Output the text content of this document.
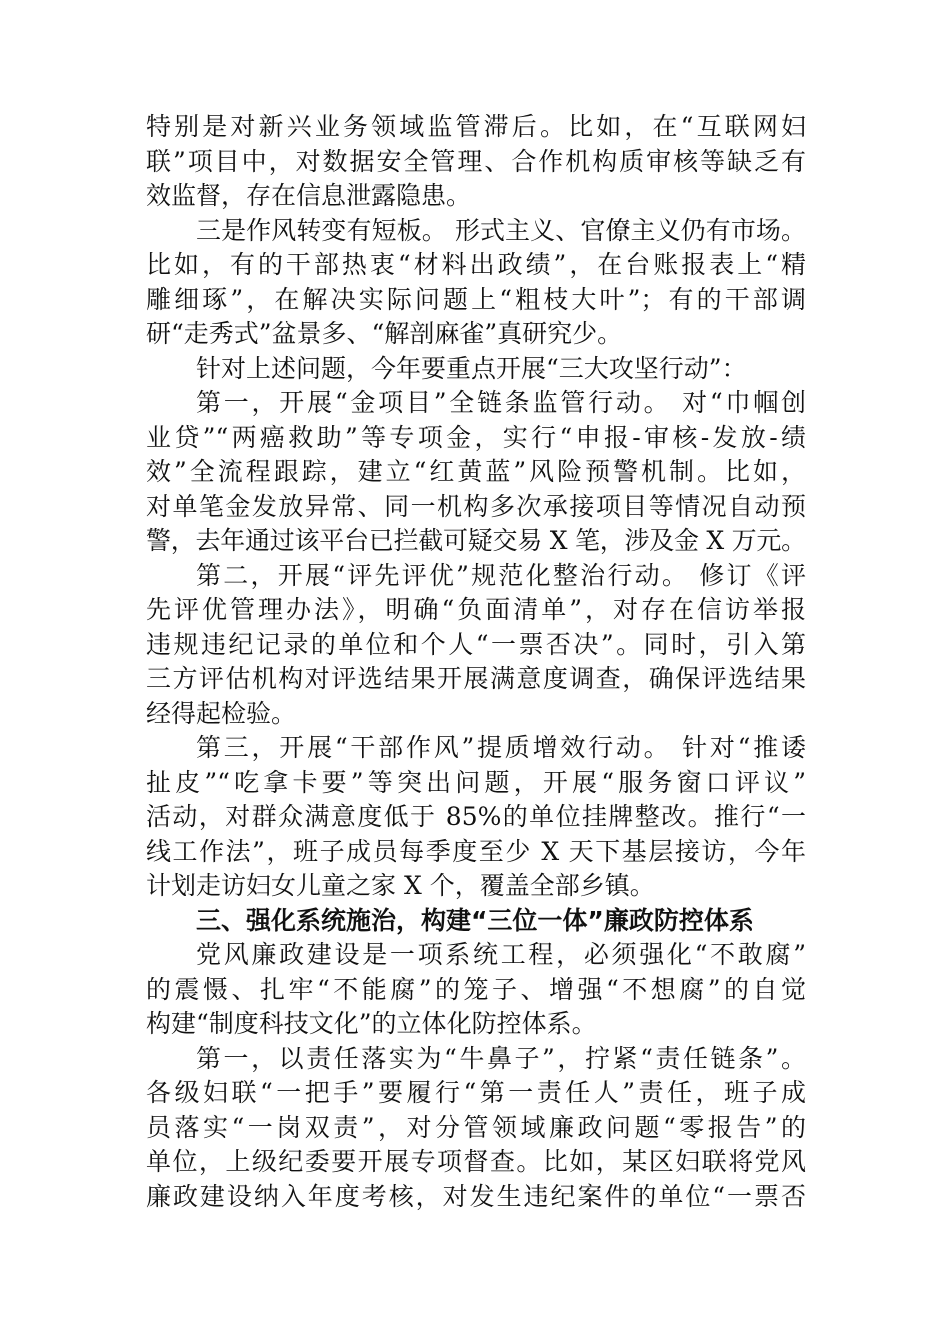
特别是对新兴业务领域监管滞后。比如，在“互联网妇
联”项目中，对数据安全管理、合作机构质审核等缺乏有
效监督，存在信息泄露隐患。
三是作风转变有短板。 形式主义、官僚主义仍有市场。
比如，有的干部热衷“材料出政绩”，在台账报表上“精
雕细琢”，在解决实际问题上“粗枝大叶”；有的干部调
研“走秀式”盆景多、“解剖麻雀”真研究少。
针对上述问题，今年要重点开展“三大攻坚行动”：
第一，开展“金项目”全链条监管行动。 对“巾帼创
业贷”“两癌救助”等专项金，实行“申报-审核-发放-绩
效”全流程跟踪，建立“红黄蓝”风险预警机制。比如，
对单笔金发放异常、同一机构多次承接项目等情况自动预
警，去年通过该平台已拦截可疑交易 X 笔，涉及金 X 万元。
第二，开展“评先评优”规范化整治行动。 修订《评
先评优管理办法》，明确“负面清单”，对存在信访举报
违规违纪记录的单位和个人“一票否决”。同时，引入第
三方评估机构对评选结果开展满意度调查，确保评选结果
经得起检验。
第三，开展“干部作风”提质增效行动。 针对“推诿
扯皮”“吃拿卡要”等突出问题，开展“服务窗口评议”
活动，对群众满意度低于 85%的单位挂牌整改。推行“一
线工作法”，班子成员每季度至少 X 天下基层接访，今年
计划走访妇女儿童之家 X 个，覆盖全部乡镇。
三、强化系统施治，构建“三位一体”廉政防控体系
党风廉政建设是一项系统工程，必须强化“不敢腐”
的震慑、扎牢“不能腐”的笼子、增强“不想腐”的自觉
构建“制度科技文化”的立体化防控体系。
第一，以责任落实为“牛鼻子”，拧紧“责任链条”。
各级妇联“一把手”要履行“第一责任人”责任，班子成
员落实“一岗双责”，对分管领域廉政问题“零报告”的
单位，上级纪委要开展专项督查。比如，某区妇联将党风
廉政建设纳入年度考核，对发生违纪案件的单位“一票否
